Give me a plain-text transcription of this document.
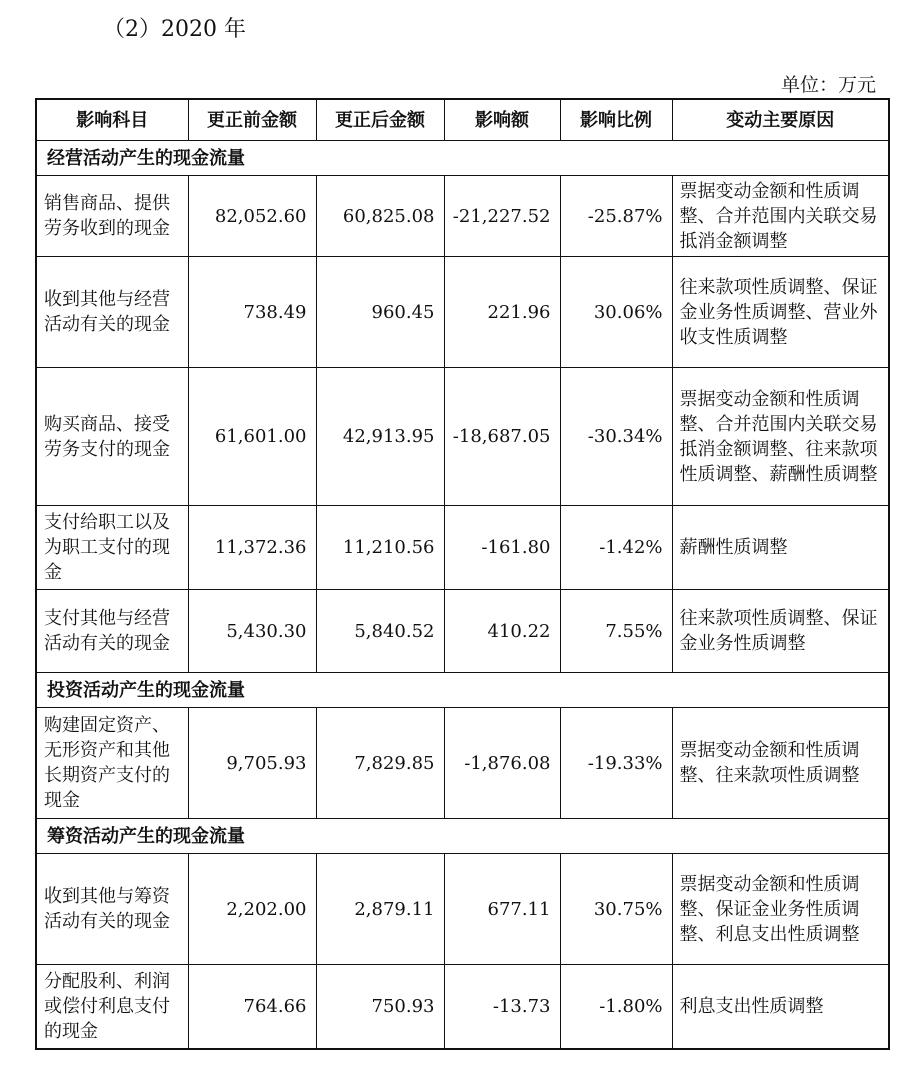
（2）2020 年
单位：万元
影响科目	更正前金额	更正后金额	影响额	影响比例	变动主要原因
经营活动产生的现金流量					
销售商品、提供劳务收到的现金	82,052.60	60,825.08	-21,227.52	-25.87%	票据变动金额和性质调整、合并范围内关联交易抵消金额调整
收到其他与经营活动有关的现金	738.49	960.45	221.96	30.06%	往来款项性质调整、保证金业务性质调整、营业外收支性质调整
购买商品、接受劳务支付的现金	61,601.00	42,913.95	-18,687.05	-30.34%	票据变动金额和性质调整、合并范围内关联交易抵消金额调整、往来款项性质调整、薪酬性质调整
支付给职工以及为职工支付的现金	11,372.36	11,210.56	-161.80	-1.42%	薪酬性质调整
支付其他与经营活动有关的现金	5,430.30	5,840.52	410.22	7.55%	往来款项性质调整、保证金业务性质调整
投资活动产生的现金流量					
购建固定资产、无形资产和其他长期资产支付的现金	9,705.93	7,829.85	-1,876.08	-19.33%	票据变动金额和性质调整、往来款项性质调整
筹资活动产生的现金流量					
收到其他与筹资活动有关的现金	2,202.00	2,879.11	677.11	30.75%	票据变动金额和性质调整、保证金业务性质调整、利息支出性质调整
分配股利、利润或偿付利息支付的现金	764.66	750.93	-13.73	-1.80%	利息支出性质调整
